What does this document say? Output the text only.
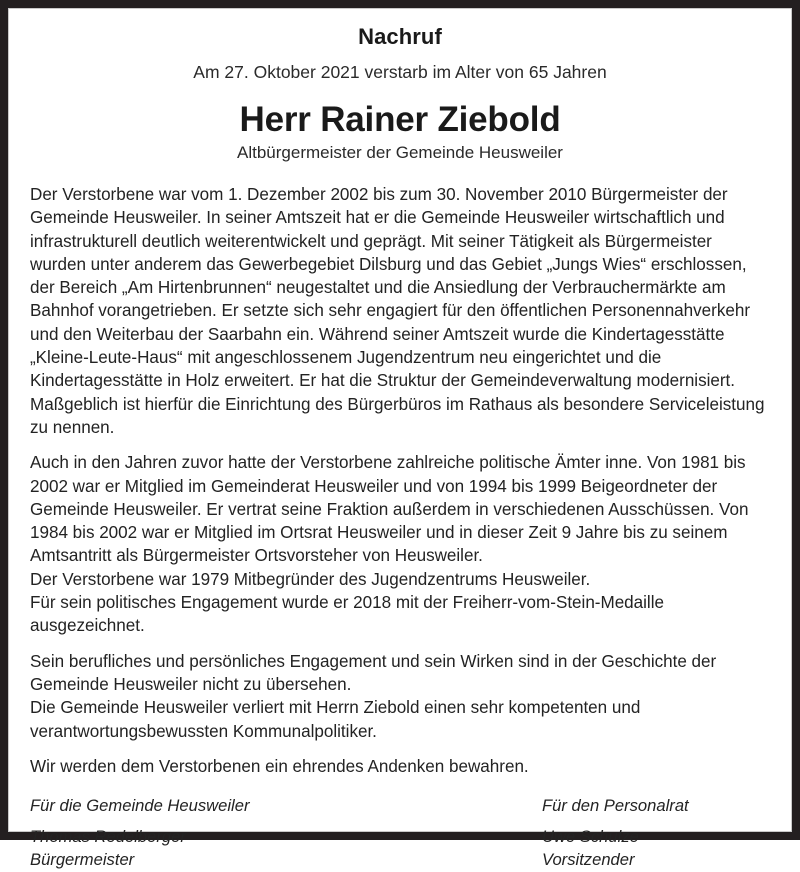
Nachruf
Am 27. Oktober 2021 verstarb im Alter von 65 Jahren
Herr Rainer Ziebold
Altbürgermeister der Gemeinde Heusweiler

Der Verstorbene war vom 1. Dezember 2002 bis zum 30. November 2010 Bürgermeister der Gemeinde Heusweiler. In seiner Amtszeit hat er die Gemeinde Heusweiler wirtschaftlich und infrastrukturell deutlich weiterentwickelt und geprägt. Mit seiner Tätigkeit als Bürgermeister wurden unter anderem das Gewerbegebiet Dilsburg und das Gebiet „Jungs Wies“ erschlossen, der Bereich „Am Hirtenbrunnen“ neugestaltet und die Ansiedlung der Verbrauchermärkte am Bahnhof vorangetrieben. Er setzte sich sehr engagiert für den öffentlichen Personennahverkehr und den Weiterbau der Saarbahn ein. Während seiner Amtszeit wurde die Kindertagesstätte „Kleine-Leute-Haus“ mit angeschlossenem Jugendzentrum neu eingerichtet und die Kindertagesstätte in Holz erweitert. Er hat die Struktur der Gemeindeverwaltung modernisiert. Maßgeblich ist hierfür die Einrichtung des Bürgerbüros im Rathaus als besondere Serviceleistung zu nennen.

Auch in den Jahren zuvor hatte der Verstorbene zahlreiche politische Ämter inne. Von 1981 bis 2002 war er Mitglied im Gemeinderat Heusweiler und von 1994 bis 1999 Beigeordneter der Gemeinde Heusweiler. Er vertrat seine Fraktion außerdem in verschiedenen Ausschüssen. Von 1984 bis 2002 war er Mitglied im Ortsrat Heusweiler und in dieser Zeit 9 Jahre bis zu seinem Amtsantritt als Bürgermeister Ortsvorsteher von Heusweiler.
Der Verstorbene war 1979 Mitbegründer des Jugendzentrums Heusweiler.
Für sein politisches Engagement wurde er 2018 mit der Freiherr-vom-Stein-Medaille ausgezeichnet.

Sein berufliches und persönliches Engagement und sein Wirken sind in der Geschichte der Gemeinde Heusweiler nicht zu übersehen.
Die Gemeinde Heusweiler verliert mit Herrn Ziebold einen sehr kompetenten und verantwortungsbewussten Kommunalpolitiker.

Wir werden dem Verstorbenen ein ehrendes Andenken bewahren.

Für die Gemeinde Heusweiler
Thomas Redelberger
Bürgermeister
Für den Personalrat
Uwe Schulze
Vorsitzender
